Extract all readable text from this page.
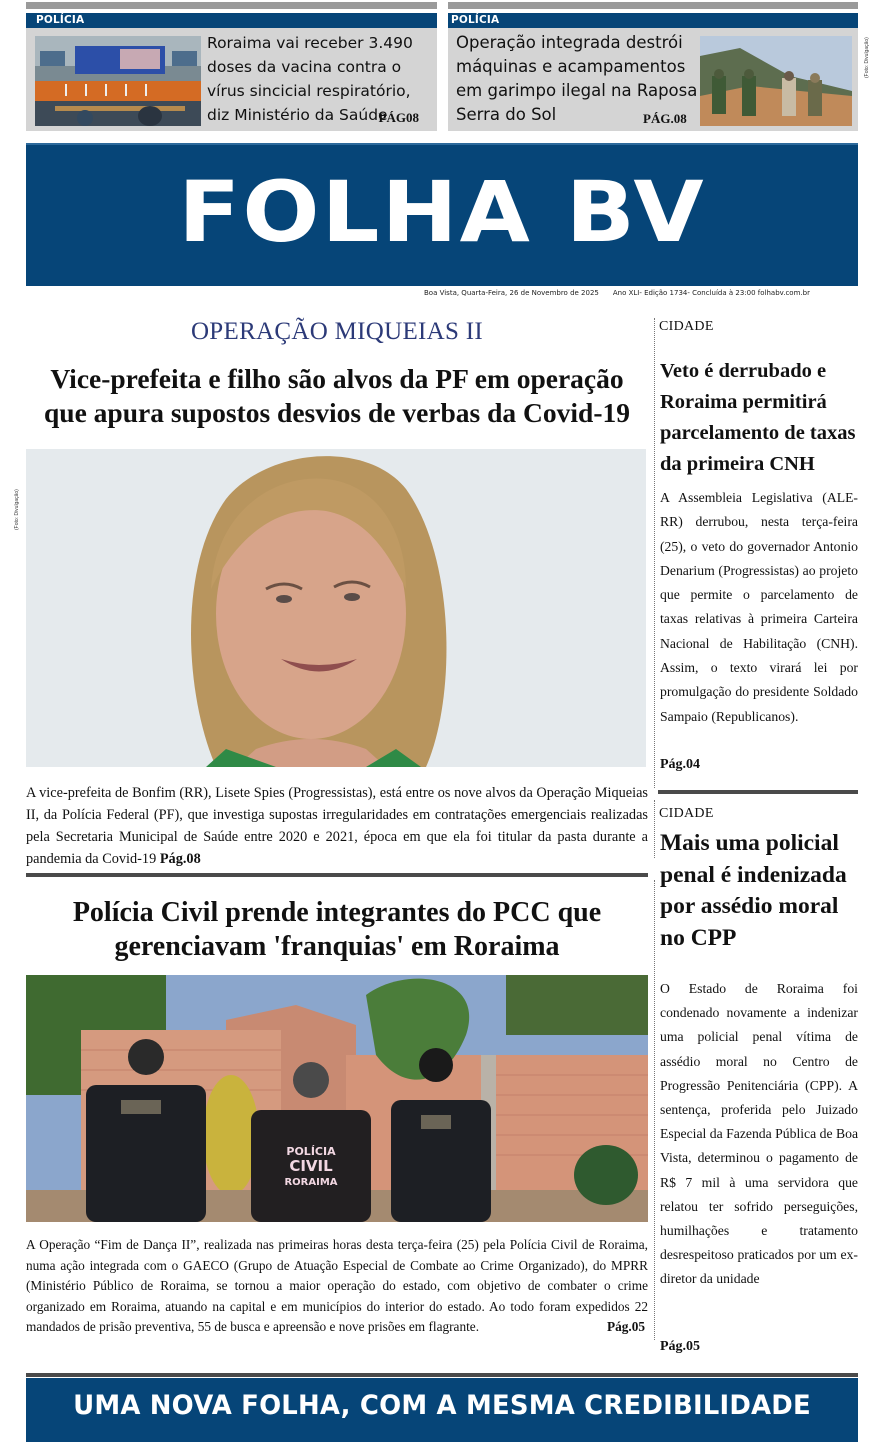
POLÍCIA
Roraima vai receber 3.490 doses da vacina contra o vírus sincicial respiratório, diz Ministério da Saúde
PÁG08
POLÍCIA
Operação integrada destrói máquinas e acampamentos em garimpo ilegal na Raposa Serra do Sol	PÁG.08
(Foto: Divulgação)
FOLHA BV
Boa Vista, Quarta-Feira, 26 de Novembro de 2025 Ano XLI- Edição 1734- Concluída à 23:00 folhabv.com.br
OPERAÇÃO MIQUEIAS II
Vice-prefeita e filho são alvos da PF em operação que apura supostos desvios de verbas da Covid-19
(Foto: Divulgação)
A vice-prefeita de Bonfim (RR), Lisete Spies (Progressistas), está entre os nove alvos da Operação Miqueias II, da Polícia Federal (PF), que investiga supostas irregularidades em contratações emergenciais realizadas pela Secretaria Municipal de Saúde entre 2020 e 2021, época em que ela foi titular da pasta durante a pandemia da Covid-19 Pág.08
Polícia Civil prende integrantes do PCC que gerenciavam 'franquias' em Roraima
POLÍCIA
CIVIL
RORAIMA
A Operação “Fim de Dança II”, realizada nas primeiras horas desta terça-feira (25) pela Polícia Civil de Roraima, numa ação integrada com o GAECO (Grupo de Atuação Especial de Combate ao Crime Organizado), do MPRR (Ministério Público de Roraima, se tornou a maior operação do estado, com objetivo de combater o crime organizado em Roraima, atuando na capital e em municípios do interior do estado. Ao todo foram expedidos 22 mandados de prisão preventiva, 55 de busca e apreensão e nove prisões em flagrante.	Pág.05
CIDADE
Veto é derrubado e Roraima permitirá parcelamento de taxas da primeira CNH
A Assembleia Legislativa (ALE-RR) derrubou, nesta terça-feira (25), o veto do governador Antonio Denarium (Progressistas) ao projeto que permite o parcelamento de taxas relativas à primeira Carteira Nacional de Habilitação (CNH). Assim, o texto virará lei por promulgação do presidente Soldado Sampaio (Republicanos).
Pág.04
CIDADE
Mais uma policial penal é indenizada por assédio moral no CPP
O Estado de Roraima foi condenado novamente a indenizar uma policial penal vítima de assédio moral no Centro de Progressão Penitenciária (CPP). A sentença, proferida pelo Juizado Especial da Fazenda Pública de Boa Vista, determinou o pagamento de R$ 7 mil à uma servidora que relatou ter sofrido perseguições, humilhações e tratamento desrespeitoso praticados por um ex-diretor da unidade
Pág.05
UMA NOVA FOLHA, COM A MESMA CREDIBILIDADE
